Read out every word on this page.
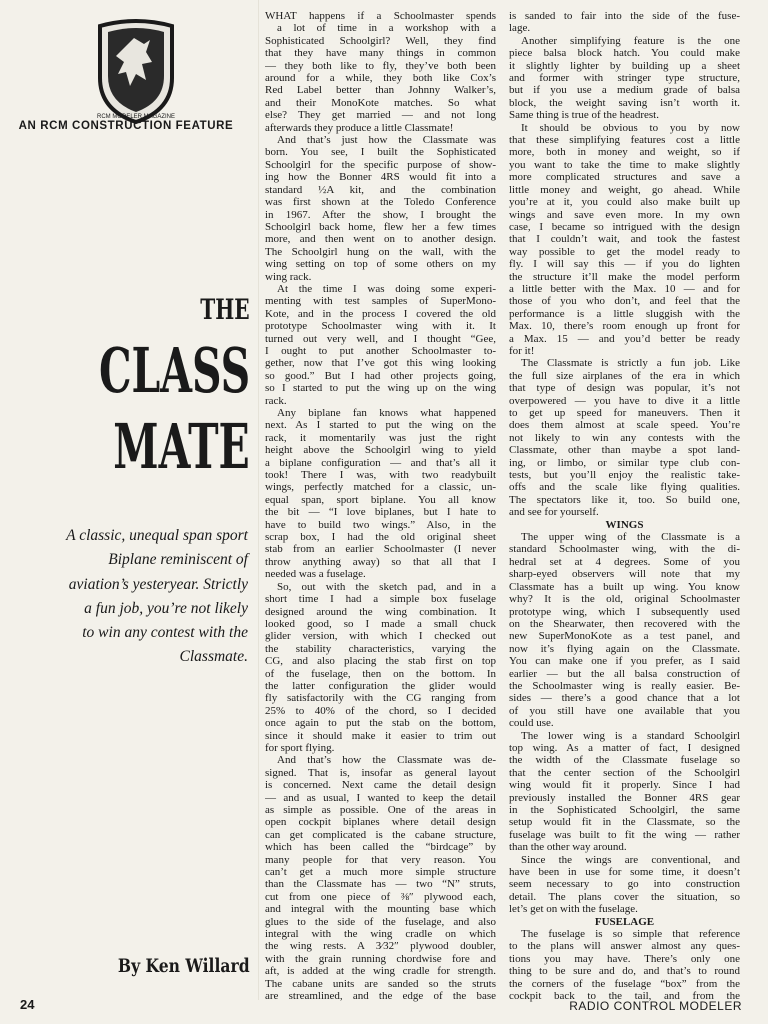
RCM MODELER MAGAZINE
AN RCM CONSTRUCTION FEATURE
THE
CLASS
MATE
A classic, unequal span sport
Biplane reminiscent of
aviation’s yesteryear. Strictly
a fun job, you’re not likely
to win any contest with the
Classmate.
By Ken Willard
24
WHAT happens if a Schoolmaster spends
a lot of time in a workshop with a
Sophisticated Schoolgirl? Well, they find
that they have many things in common
— they both like to fly, they’ve both been
around for a while, they both like Cox’s
Red Label better than Johnny Walker’s,
and their MonoKote matches. So what
else? They get married — and not long
afterwards they produce a little Classmate!
And that’s just how the Classmate was
born. You see, I built the Sophisticated
Schoolgirl for the specific purpose of show-
ing how the Bonner 4RS would fit into a
standard ½A kit, and the combination
was first shown at the Toledo Conference
in 1967. After the show, I brought the
Schoolgirl back home, flew her a few times
more, and then went on to another design.
The Schoolgirl hung on the wall, with the
wing setting on top of some others on my
wing rack.
At the time I was doing some experi-
menting with test samples of SuperMono-
Kote, and in the process I covered the old
prototype Schoolmaster wing with it. It
turned out very well, and I thought “Gee,
I ought to put another Schoolmaster to-
gether, now that I’ve got this wing looking
so good.” But I had other projects going,
so I started to put the wing up on the wing
rack.
Any biplane fan knows what happened
next. As I started to put the wing on the
rack, it momentarily was just the right
height above the Schoolgirl wing to yield
a biplane configuration — and that’s all it
took! There I was, with two readybuilt
wings, perfectly matched for a classic, un-
equal span, sport biplane. You all know
the bit — “I love biplanes, but I hate to
have to build two wings.” Also, in the
scrap box, I had the old original sheet
stab from an earlier Schoolmaster (I never
throw anything away) so that all that I
needed was a fuselage.
So, out with the sketch pad, and in a
short time I had a simple box fuselage
designed around the wing combination. It
looked good, so I made a small chuck
glider version, with which I checked out
the stability characteristics, varying the
CG, and also placing the stab first on top
of the fuselage, then on the bottom. In
the latter configuration the glider would
fly satisfactorily with the CG ranging from
25% to 40% of the chord, so I decided
once again to put the stab on the bottom,
since it should make it easier to trim out
for sport flying.
And that’s how the Classmate was de-
signed. That is, insofar as general layout
is concerned. Next came the detail design
— and as usual, I wanted to keep the detail
as simple as possible. One of the areas in
open cockpit biplanes where detail design
can get complicated is the cabane structure,
which has been called the “birdcage” by
many people for that very reason. You
can’t get a much more simple structure
than the Classmate has — two “N” struts,
cut from one piece of ⅜″ plywood each,
and integral with the mounting base which
glues to the side of the fuselage, and also
integral with the wing cradle on which
the wing rests. A 3⁄32″ plywood doubler,
with the grain running chordwise fore and
aft, is added at the wing cradle for strength.
The cabane units are sanded so the struts
are streamlined, and the edge of the base
is sanded to fair into the side of the fuse-
lage.
Another simplifying feature is the one
piece balsa block hatch. You could make
it slightly lighter by building up a sheet
and former with stringer type structure,
but if you use a medium grade of balsa
block, the weight saving isn’t worth it.
Same thing is true of the headrest.
It should be obvious to you by now
that these simplifying features cost a little
more, both in money and weight, so if
you want to take the time to make slightly
more complicated structures and save a
little money and weight, go ahead. While
you’re at it, you could also make built up
wings and save even more. In my own
case, I became so intrigued with the design
that I couldn’t wait, and took the fastest
way possible to get the model ready to
fly. I will say this — if you do lighten
the structure it’ll make the model perform
a little better with the Max. 10 — and for
those of you who don’t, and feel that the
performance is a little sluggish with the
Max. 10, there’s room enough up front for
a Max. 15 — and you’d better be ready
for it!
The Classmate is strictly a fun job. Like
the full size airplanes of the era in which
that type of design was popular, it’s not
overpowered — you have to dive it a little
to get up speed for maneuvers. Then it
does them almost at scale speed. You’re
not likely to win any contests with the
Classmate, other than maybe a spot land-
ing, or limbo, or similar type club con-
tests, but you’ll enjoy the realistic take-
offs and the scale like flying qualities.
The spectators like it, too. So build one,
and see for yourself.
WINGS
The upper wing of the Classmate is a
standard Schoolmaster wing, with the di-
hedral set at 4 degrees. Some of you
sharp-eyed observers will note that my
Classmate has a built up wing. You know
why? It is the old, original Schoolmaster
prototype wing, which I subsequently used
on the Shearwater, then recovered with the
new SuperMonoKote as a test panel, and
now it’s flying again on the Classmate.
You can make one if you prefer, as I said
earlier — but the all balsa construction of
the Schoolmaster wing is really easier. Be-
sides — there’s a good chance that a lot
of you still have one available that you
could use.
The lower wing is a standard Schoolgirl
top wing. As a matter of fact, I designed
the width of the Classmate fuselage so
that the center section of the Schoolgirl
wing would fit it properly. Since I had
previously installed the Bonner 4RS gear
in the Sophisticated Schoolgirl, the same
setup would fit in the Classmate, so the
fuselage was built to fit the wing — rather
than the other way around.
Since the wings are conventional, and
have been in use for some time, it doesn’t
seem necessary to go into construction
detail. The plans cover the situation, so
let’s get on with the fuselage.
FUSELAGE
The fuselage is so simple that reference
to the plans will answer almost any ques-
tions you may have. There’s only one
thing to be sure and do, and that’s to round
the corners of the fuselage “box” from the
cockpit back to the tail, and from the
RADIO CONTROL MODELER
